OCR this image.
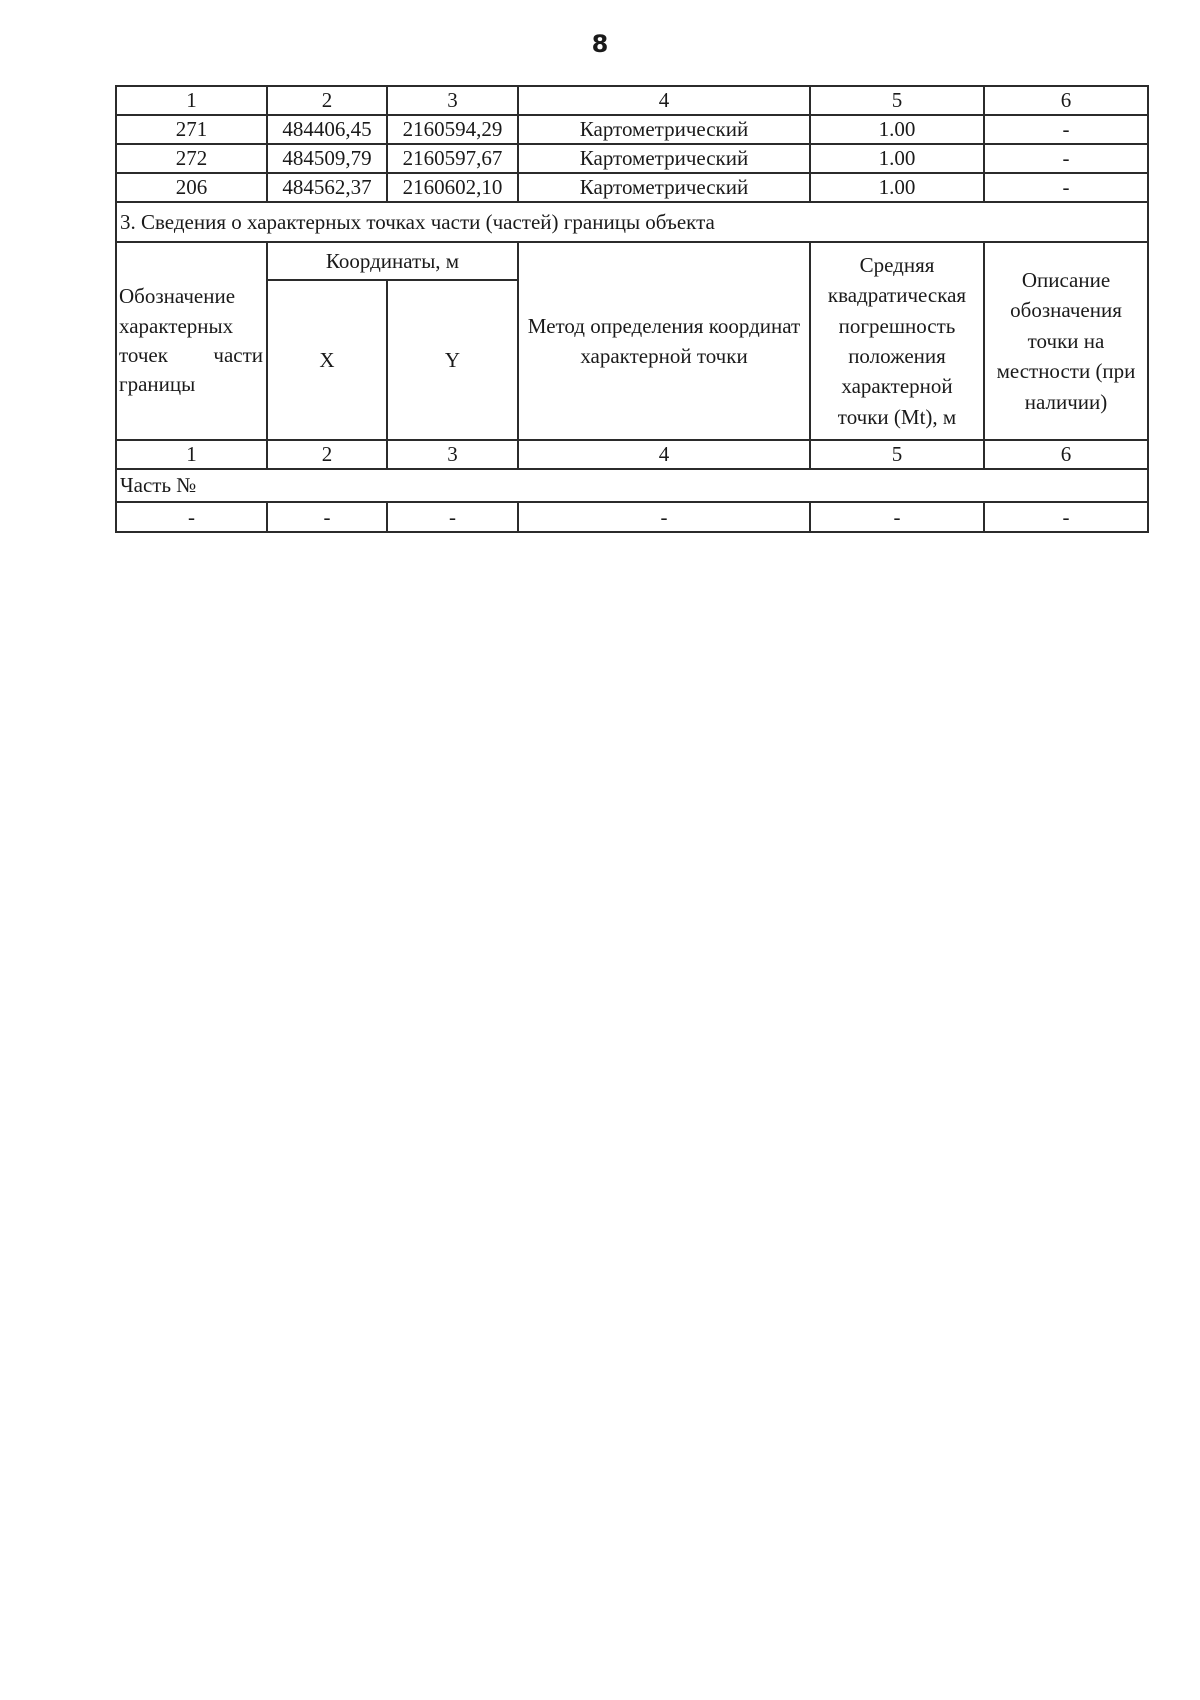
8
1	2	3	4	5	6
271	484406,45	2160594,29	Картометрический	1.00	-
272	484509,79	2160597,67	Картометрический	1.00	-
206	484562,37	2160602,10	Картометрический	1.00	-
3. Сведения о характерных точках части (частей) границы объекта					
Обозначение характерных точек части границы	Координаты, м		Метод определения координат характерной точки	Средняя квадратическая погрешность положения характерной точки (Mt), м	Описание обозначения точки на местности (при наличии)
	X	Y			
1	2	3	4	5	6
Часть №					
-	-	-	-	-	-
